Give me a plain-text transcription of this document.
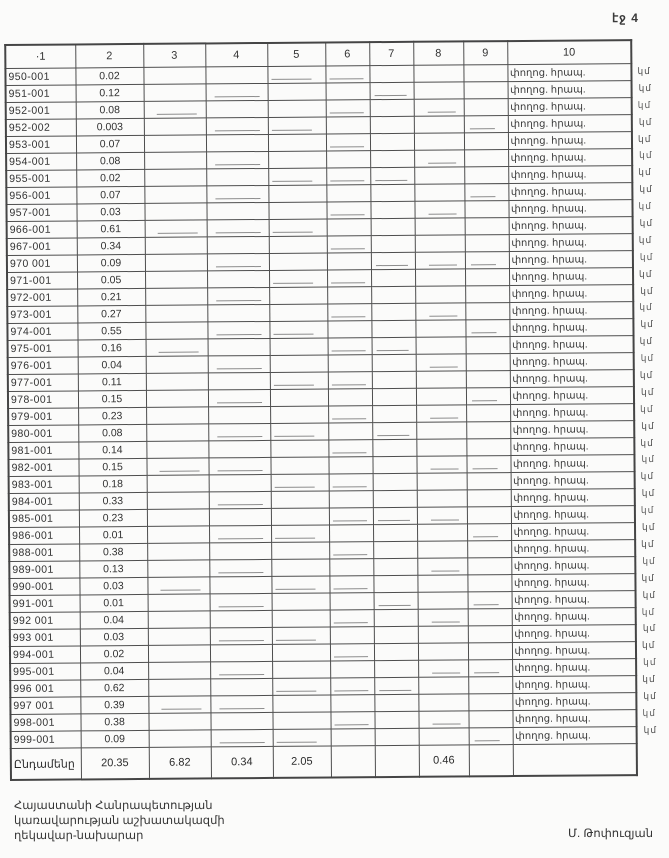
էջ 4
·1	2	3	4	5	6	7	8	9	10
950-001	0.02								փողոց. հրապ.
951-001	0.12								փողոց. հրապ.
952-001	0.08								փողոց. հրապ.
952-002	0.003								փողոց. հրապ.
953-001	0.07								փողոց. հրապ.
954-001	0.08								փողոց. հրապ.
955-001	0.02								փողոց. հրապ.
956-001	0.07								փողոց. հրապ.
957-001	0.03								փողոց. հրապ.
966-001	0.61								փողոց. հրապ.
967-001	0.34								փողոց. հրապ.
970 001	0.09								փողոց. հրապ.
971-001	0.05								փողոց. հրապ.
972-001	0.21								փողոց. հրապ.
973-001	0.27								փողոց. հրապ.
974-001	0.55								փողոց. հրապ.
975-001	0.16								փողոց. հրապ.
976-001	0.04								փողոց. հրապ.
977-001	0.11								փողոց. հրապ.
978-001	0.15								փողոց. հրապ.
979-001	0.23								փողոց. հրապ.
980-001	0.08								փողոց. հրապ.
981-001	0.14								փողոց. հրապ.
982-001	0.15								փողոց. հրապ.
983-001	0.18								փողոց. հրապ.
984-001	0.33								փողոց. հրապ.
985-001	0.23								փողոց. հրապ.
986-001	0.01								փողոց. հրապ.
988-001	0.38								փողոց. հրապ.
989-001	0.13								փողոց. հրապ.
990-001	0.03								փողոց. հրապ.
991-001	0.01								փողոց. հրապ.
992 001	0.04								փողոց. հրապ.
993 001	0.03								փողոց. հրապ.
994-001	0.02								փողոց. հրապ.
995-001	0.04								փողոց. հրապ.
996 001	0.62								փողոց. հրապ.
997 001	0.39								փողոց. հրապ.
998-001	0.38								փողոց. հրապ.
999-001	0.09								փողոց. հրապ.
Ընդամենը	20.35	6.82	0.34	2.05			0.46		
կմ
կմ
կմ
կմ
կմ
կմ
կմ
կմ
կմ
կմ
կմ
կմ
կմ
կմ
կմ
կմ
կմ
կմ
կմ
կմ
կմ
կմ
կմ
կմ
կմ
կմ
կմ
կմ
կմ
կմ
կմ
կմ
կմ
կմ
կմ
կմ
կմ
կմ
կմ
կմ
Հայաստանի Հանրապետության
կառավարության աշխատակազմի
ղեկավար-նախարար	Մ. Թոփուզյան
